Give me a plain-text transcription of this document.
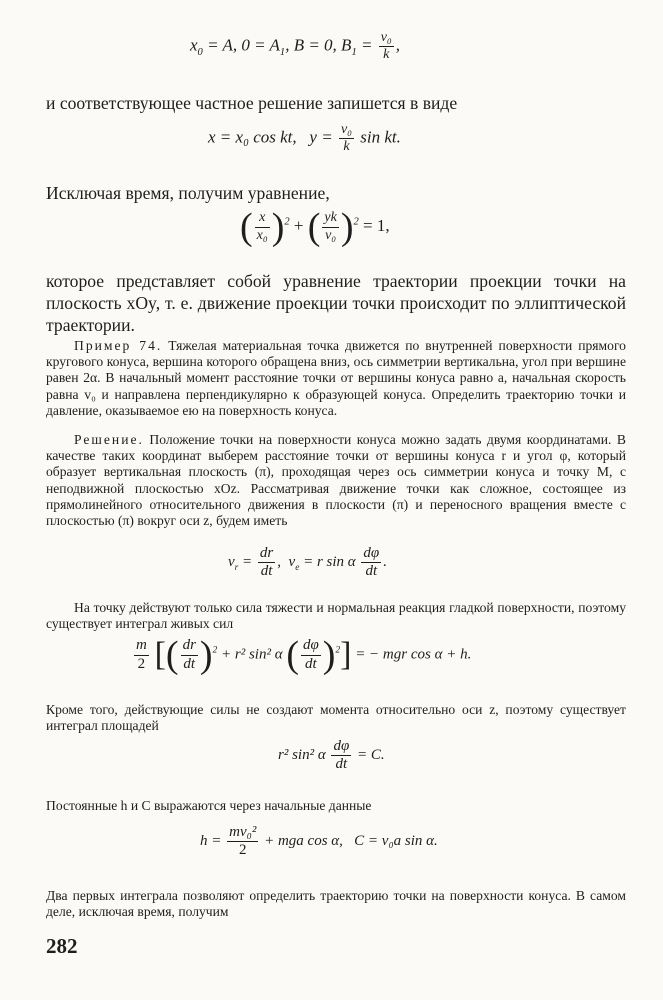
$x_0 = A$, $0 = A_1$, B = 0, $B_1 = \frac{\text{v₀}}{k}$ ,
и соответствующее частное решение запишется в виде
x = x₀ cos kt, $y = \frac{\text{v₀}}{k}$ sin kt.
Исключая время, получим уравнение,
( $\frac{x}{\text{x₀}} )^2$ + ( $\frac{yk}{\text{v₀}} )^2 = 1$,
которое представляет собой уравнение траектории проекции точки на плоскость xOy, т. е. движение проекции точки происходит по эллиптической траектории.
Пример 74. Тяжелая материальная точка движется по внутренней поверхности прямого кругового конуса, вершина которого обращена вниз, ось симметрии вертикальна, угол при вершине равен 2α. В начальный момент расстояние точки от вершины конуса равно a, начальная скорость равна v₀ и направлена перпендикулярно к образующей конуса. Определить траекторию точки и давление, оказываемое ею на поверхность конуса.
Решение. Положение точки на поверхности конуса можно задать двумя координатами. В качестве таких координат выберем расстояние точки от вершины конуса r и угол φ, который образует вертикальная плоскость (π), проходящая через ось симметрии конуса и точку M, с неподвижной плоскостью xOz. Рассматривая движение точки как сложное, состоящее из прямолинейного относительного движения в плоскости (π) и переносного вращения вместе с плоскостью (π) вокруг оси z, будем иметь
$v_r = \frac{dr}{dt}$ , $v_e = r$ sin α $\frac{d\varphi}{dt}$ .
На точку действуют только сила тяжести и нормальная реакция гладкой поверхности, поэтому существует интеграл живых сил
$\frac{m}{2}$ [( $\frac{dr}{dt} )^2 + r^2$ sin² α ( $\frac{d\varphi}{dt} )^2$] = − mgr cos α + h.
Кроме того, действующие силы не создают момента относительно оси z, поэтому существует интеграл площадей
r² sin² α $\frac{d\varphi}{dt} = C$.
Постоянные h и C выражаются через начальные данные
$h = \frac{\text{mv₀²}}{2}$ + mga cos α, C = v₀a sin α.
Два первых интеграла позволяют определить траекторию точки на поверхности конуса. В самом деле, исключая время, получим
282
